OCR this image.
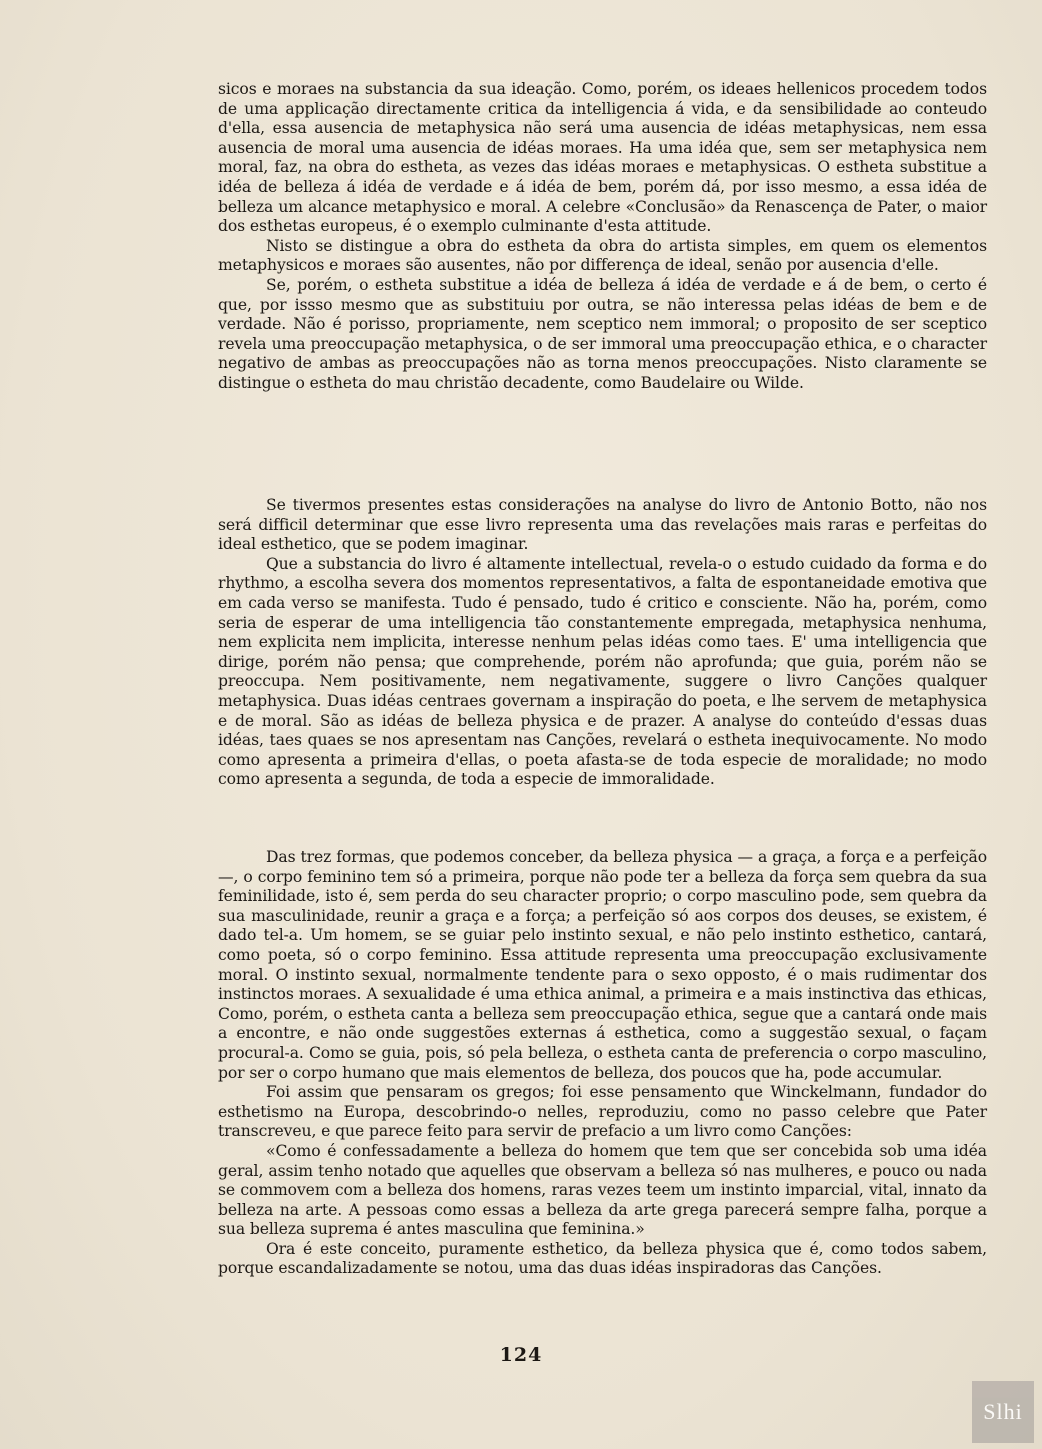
sicos e moraes na substancia da sua ideação. Como, porém, os ideaes hellenicos procedem todos de uma applicação directamente critica da intelligencia á vida, e da sensibilidade ao conteudo d'ella, essa ausencia de metaphysica não será uma ausencia de idéas metaphysicas, nem essa ausencia de moral uma ausencia de idéas moraes. Ha uma idéa que, sem ser metaphysica nem moral, faz, na obra do estheta, as vezes das idéas moraes e metaphysicas. O estheta substitue a idéa de belleza á idéa de verdade e á idéa de bem, porém dá, por isso mesmo, a essa idéa de belleza um alcance metaphysico e moral. A celebre «Conclusão» da Renascença de Pater, o maior dos esthetas europeus, é o exemplo culminante d'esta attitude.

Nisto se distingue a obra do estheta da obra do artista simples, em quem os elementos metaphysicos e moraes são ausentes, não por differença de ideal, senão por ausencia d'elle.

Se, porém, o estheta substitue a idéa de belleza á idéa de verdade e á de bem, o certo é que, por issso mesmo que as substituiu por outra, se não interessa pelas idéas de bem e de verdade. Não é porisso, propriamente, nem sceptico nem immoral; o proposito de ser sceptico revela uma preoccupação metaphysica, o de ser immoral uma preoccupação ethica, e o character negativo de ambas as preoccupações não as torna menos preoccupações. Nisto claramente se distingue o estheta do mau christão decadente, como Baudelaire ou Wilde.

Se tivermos presentes estas considerações na analyse do livro de Antonio Botto, não nos será difficil determinar que esse livro representa uma das revelações mais raras e perfeitas do ideal esthetico, que se podem imaginar.

Que a substancia do livro é altamente intellectual, revela-o o estudo cuidado da forma e do rhythmo, a escolha severa dos momentos representativos, a falta de espontaneidade emotiva que em cada verso se manifesta. Tudo é pensado, tudo é critico e consciente. Não ha, porém, como seria de esperar de uma intelligencia tão constantemente empregada, metaphysica nenhuma, nem explicita nem implicita, interesse nenhum pelas idéas como taes. E' uma intelligencia que dirige, porém não pensa; que comprehende, porém não aprofunda; que guia, porém não se preoccupa. Nem positivamente, nem negativamente, suggere o livro Canções qualquer metaphysica. Duas idéas centraes governam a inspiração do poeta, e lhe servem de metaphysica e de moral. São as idéas de belleza physica e de prazer. A analyse do conteúdo d'essas duas idéas, taes quaes se nos apresentam nas Canções, revelará o estheta inequivocamente. No modo como apresenta a primeira d'ellas, o poeta afasta-se de toda especie de moralidade; no modo como apresenta a segunda, de toda a especie de immoralidade.

Das trez formas, que podemos conceber, da belleza physica — a graça, a força e a perfeição —, o corpo feminino tem só a primeira, porque não pode ter a belleza da força sem quebra da sua feminilidade, isto é, sem perda do seu character proprio; o corpo masculino pode, sem quebra da sua masculinidade, reunir a graça e a força; a perfeição só aos corpos dos deuses, se existem, é dado tel-a. Um homem, se se guiar pelo instinto sexual, e não pelo instinto esthetico, cantará, como poeta, só o corpo feminino. Essa attitude representa uma preoccupação exclusivamente moral. O instinto sexual, normalmente tendente para o sexo opposto, é o mais rudimentar dos instinctos moraes. A sexualidade é uma ethica animal, a primeira e a mais instinctiva das ethicas, Como, porém, o estheta canta a belleza sem preoccupação ethica, segue que a cantará onde mais a encontre, e não onde suggestões externas á esthetica, como a suggestão sexual, o façam procural-a. Como se guia, pois, só pela belleza, o estheta canta de preferencia o corpo masculino, por ser o corpo humano que mais elementos de belleza, dos poucos que ha, pode accumular.

Foi assim que pensaram os gregos; foi esse pensamento que Winckelmann, fundador do esthetismo na Europa, descobrindo-o nelles, reproduziu, como no passo celebre que Pater transcreveu, e que parece feito para servir de prefacio a um livro como Canções:

«Como é confessadamente a belleza do homem que tem que ser concebida sob uma idéa geral, assim tenho notado que aquelles que observam a belleza só nas mulheres, e pouco ou nada se commovem com a belleza dos homens, raras vezes teem um instinto imparcial, vital, innato da belleza na arte. A pessoas como essas a belleza da arte grega parecerá sempre falha, porque a sua belleza suprema é antes masculina que feminina.»

Ora é este conceito, puramente esthetico, da belleza physica que é, como todos sabem, porque escandalizadamente se notou, uma das duas idéas inspiradoras das Canções.

124
Slhi
